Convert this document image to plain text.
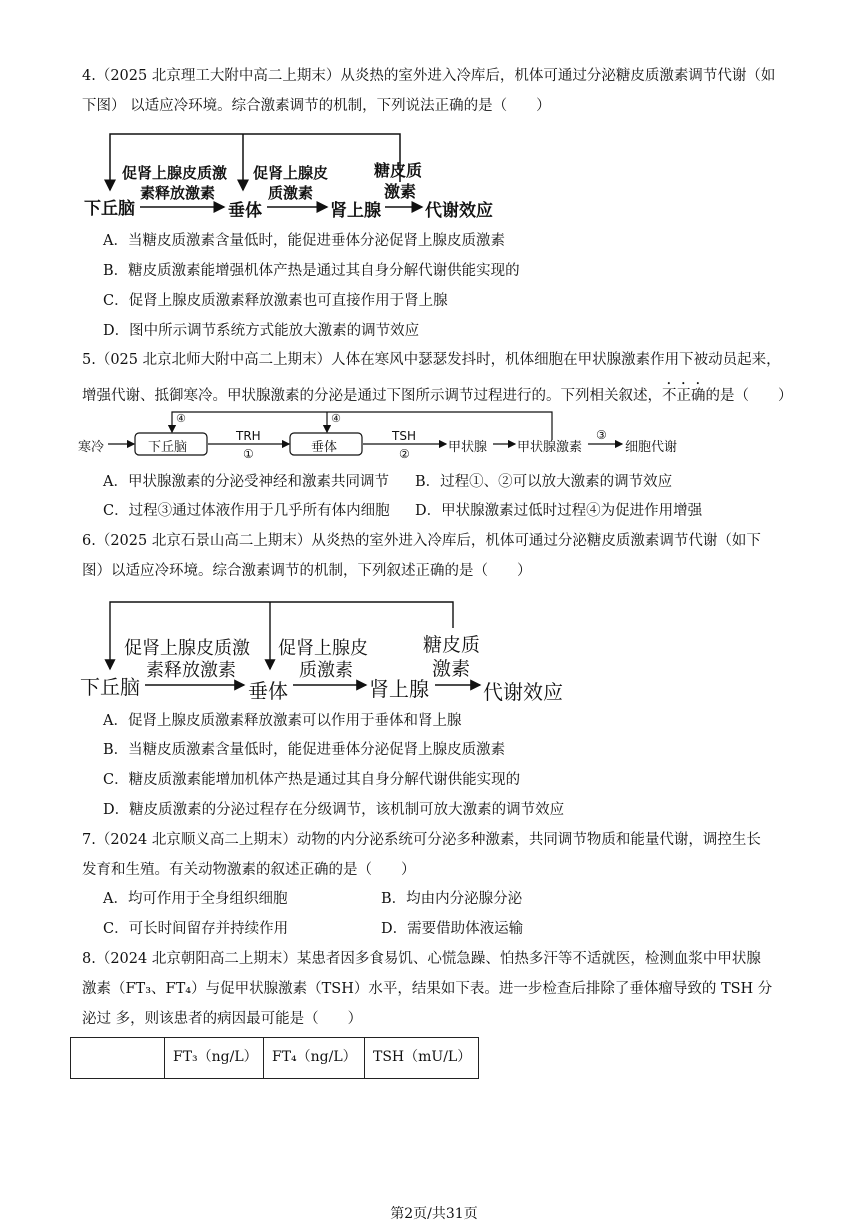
4.（2025 北京理工大附中高二上期末）从炎热的室外进入冷库后，机体可通过分泌糖皮质激素调节代谢（如
下图） 以适应冷环境。综合激素调节的机制，下列说法正确的是（　　）
下丘脑
促肾上腺皮质激
素释放激素
垂体
促肾上腺皮
质激素
肾上腺
糖皮质
激素
代谢效应
A．当糖皮质激素含量低时，能促进垂体分泌促肾上腺皮质激素
B．糖皮质激素能增强机体产热是通过其自身分解代谢供能实现的
C．促肾上腺皮质激素释放激素也可直接作用于肾上腺
D．图中所示调节系统方式能放大激素的调节效应
5.（025 北京北师大附中高二上期末）人体在寒风中瑟瑟发抖时，机体细胞在甲状腺激素作用下被动员起来，
增强代谢、抵御寒冷。甲状腺激素的分泌是通过下图所示调节过程进行的。下列相关叙述，不正确的是（　　）
④	④
寒冷	下丘脑
TRH
①	垂体
TSH
②	甲状腺 甲状腺激素
③
细胞代谢
A．甲状腺激素的分泌受神经和激素共同调节 B．过程①、②可以放大激素的调节效应
C．过程③通过体液作用于几乎所有体内细胞 D．甲状腺激素过低时过程④为促进作用增强
6.（2025 北京石景山高二上期末）从炎热的室外进入冷库后，机体可通过分泌糖皮质激素调节代谢（如下
图）以适应冷环境。综合激素调节的机制，下列叙述正确的是（　　）
下丘脑
促肾上腺皮质激
素释放激素
垂体
促肾上腺皮
质激素
肾上腺
糖皮质
激素
代谢效应
A．促肾上腺皮质激素释放激素可以作用于垂体和肾上腺
B．当糖皮质激素含量低时，能促进垂体分泌促肾上腺皮质激素
C．糖皮质激素能增加机体产热是通过其自身分解代谢供能实现的
D．糖皮质激素的分泌过程存在分级调节，该机制可放大激素的调节效应
7.（2024 北京顺义高二上期末）动物的内分泌系统可分泌多种激素，共同调节物质和能量代谢，调控生长
发育和生殖。有关动物激素的叙述正确的是（　　）
A．均可作用于全身组织细胞	B．均由内分泌腺分泌
C．可长时间留存并持续作用	D．需要借助体液运输
8.（2024 北京朝阳高二上期末）某患者因多食易饥、心慌急躁、怕热多汗等不适就医，检测血浆中甲状腺
激素（FT₃、FT₄）与促甲状腺激素（TSH）水平，结果如下表。进一步检查后排除了垂体瘤导致的 TSH 分
泌过 多，则该患者的病因最可能是（　　）
	FT₃（ng/L）	FT₄（ng/L）	TSH（mU/L）
第2页/共31页
